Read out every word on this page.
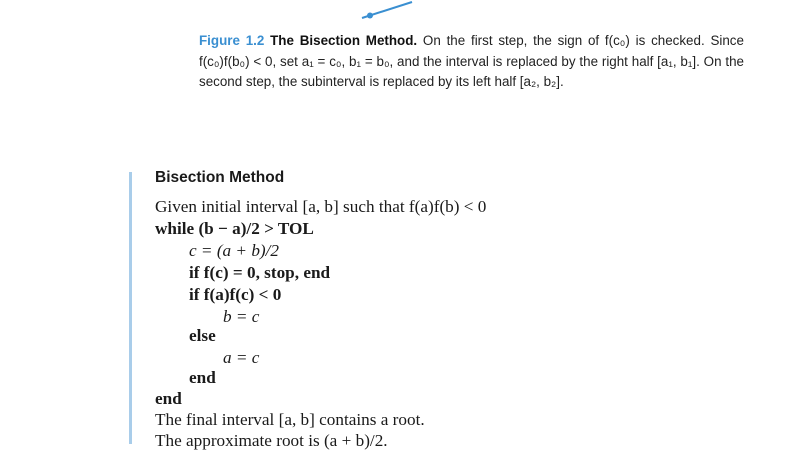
Figure 1.2 The Bisection Method. On the first step, the sign of f(c₀) is checked. Since f(c₀)f(b₀) < 0, set a₁ = c₀, b₁ = b₀, and the interval is replaced by the right half [a₁, b₁]. On the second step, the subinterval is replaced by its left half [a₂, b₂].
Bisection Method
Given initial interval [a, b] such that f(a)f(b) < 0
while (b − a)/2 > TOL
c = (a + b)/2
if f(c) = 0, stop, end
if f(a)f(c) < 0
b = c
else
a = c
end
end
The final interval [a, b] contains a root.
The approximate root is (a + b)/2.
